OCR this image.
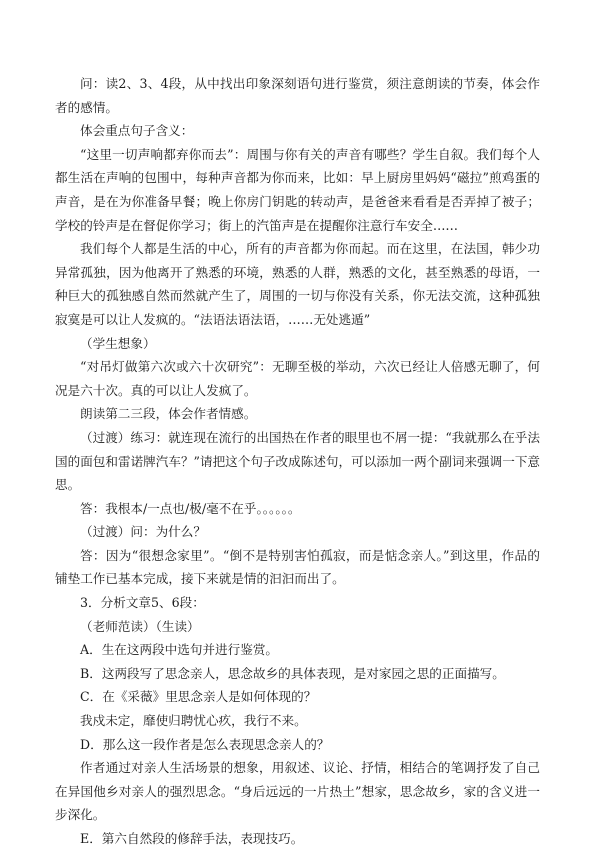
问：读2、3、4段，从中找出印象深刻语句进行鉴赏，须注意朗读的节奏，体会作者的感情。

体会重点句子含义：

“这里一切声响都弃你而去”：周围与你有关的声音有哪些？学生自叙。我们每个人都生活在声响的包围中，每种声音都为你而来，比如：早上厨房里妈妈“磁拉”煎鸡蛋的声音，是在为你准备早餐；晚上你房门钥匙的转动声，是爸爸来看看是否弄掉了被子；学校的铃声是在督促你学习；街上的汽笛声是在提醒你注意行车安全……

我们每个人都是生活的中心，所有的声音都为你而起。而在这里，在法国，韩少功异常孤独，因为他离开了熟悉的环境，熟悉的人群，熟悉的文化，甚至熟悉的母语，一种巨大的孤独感自然而然就产生了，周围的一切与你没有关系，你无法交流，这种孤独寂寞是可以让人发疯的。“法语法语法语，……无处逃遁”

（学生想象）

“对吊灯做第六次或六十次研究”：无聊至极的举动，六次已经让人倍感无聊了，何况是六十次。真的可以让人发疯了。

朗读第二三段，体会作者情感。

（过渡）练习：就连现在流行的出国热在作者的眼里也不屑一提：“我就那么在乎法国的面包和雷诺牌汽车？”请把这个句子改成陈述句，可以添加一两个副词来强调一下意思。

答：我根本/一点也/极/毫不在乎。。。。。。

（过渡）问：为什么？

答：因为“很想念家里”。“倒不是特别害怕孤寂，而是惦念亲人。”到这里，作品的铺垫工作已基本完成，接下来就是情的汩汩而出了。

3．分析文章5、6段：

（老师范读）（生读）

A．生在这两段中选句并进行鉴赏。

B．这两段写了思念亲人，思念故乡的具体表现，是对家园之思的正面描写。

C．在《采薇》里思念亲人是如何体现的？

我戍未定，靡使归聘忧心疚，我行不来。

D．那么这一段作者是怎么表现思念亲人的？

作者通过对亲人生活场景的想象，用叙述、议论、抒情，相结合的笔调抒发了自己在异国他乡对亲人的强烈思念。“身后远远的一片热土”想家，思念故乡，家的含义进一步深化。

E．第六自然段的修辞手法，表现技巧。
